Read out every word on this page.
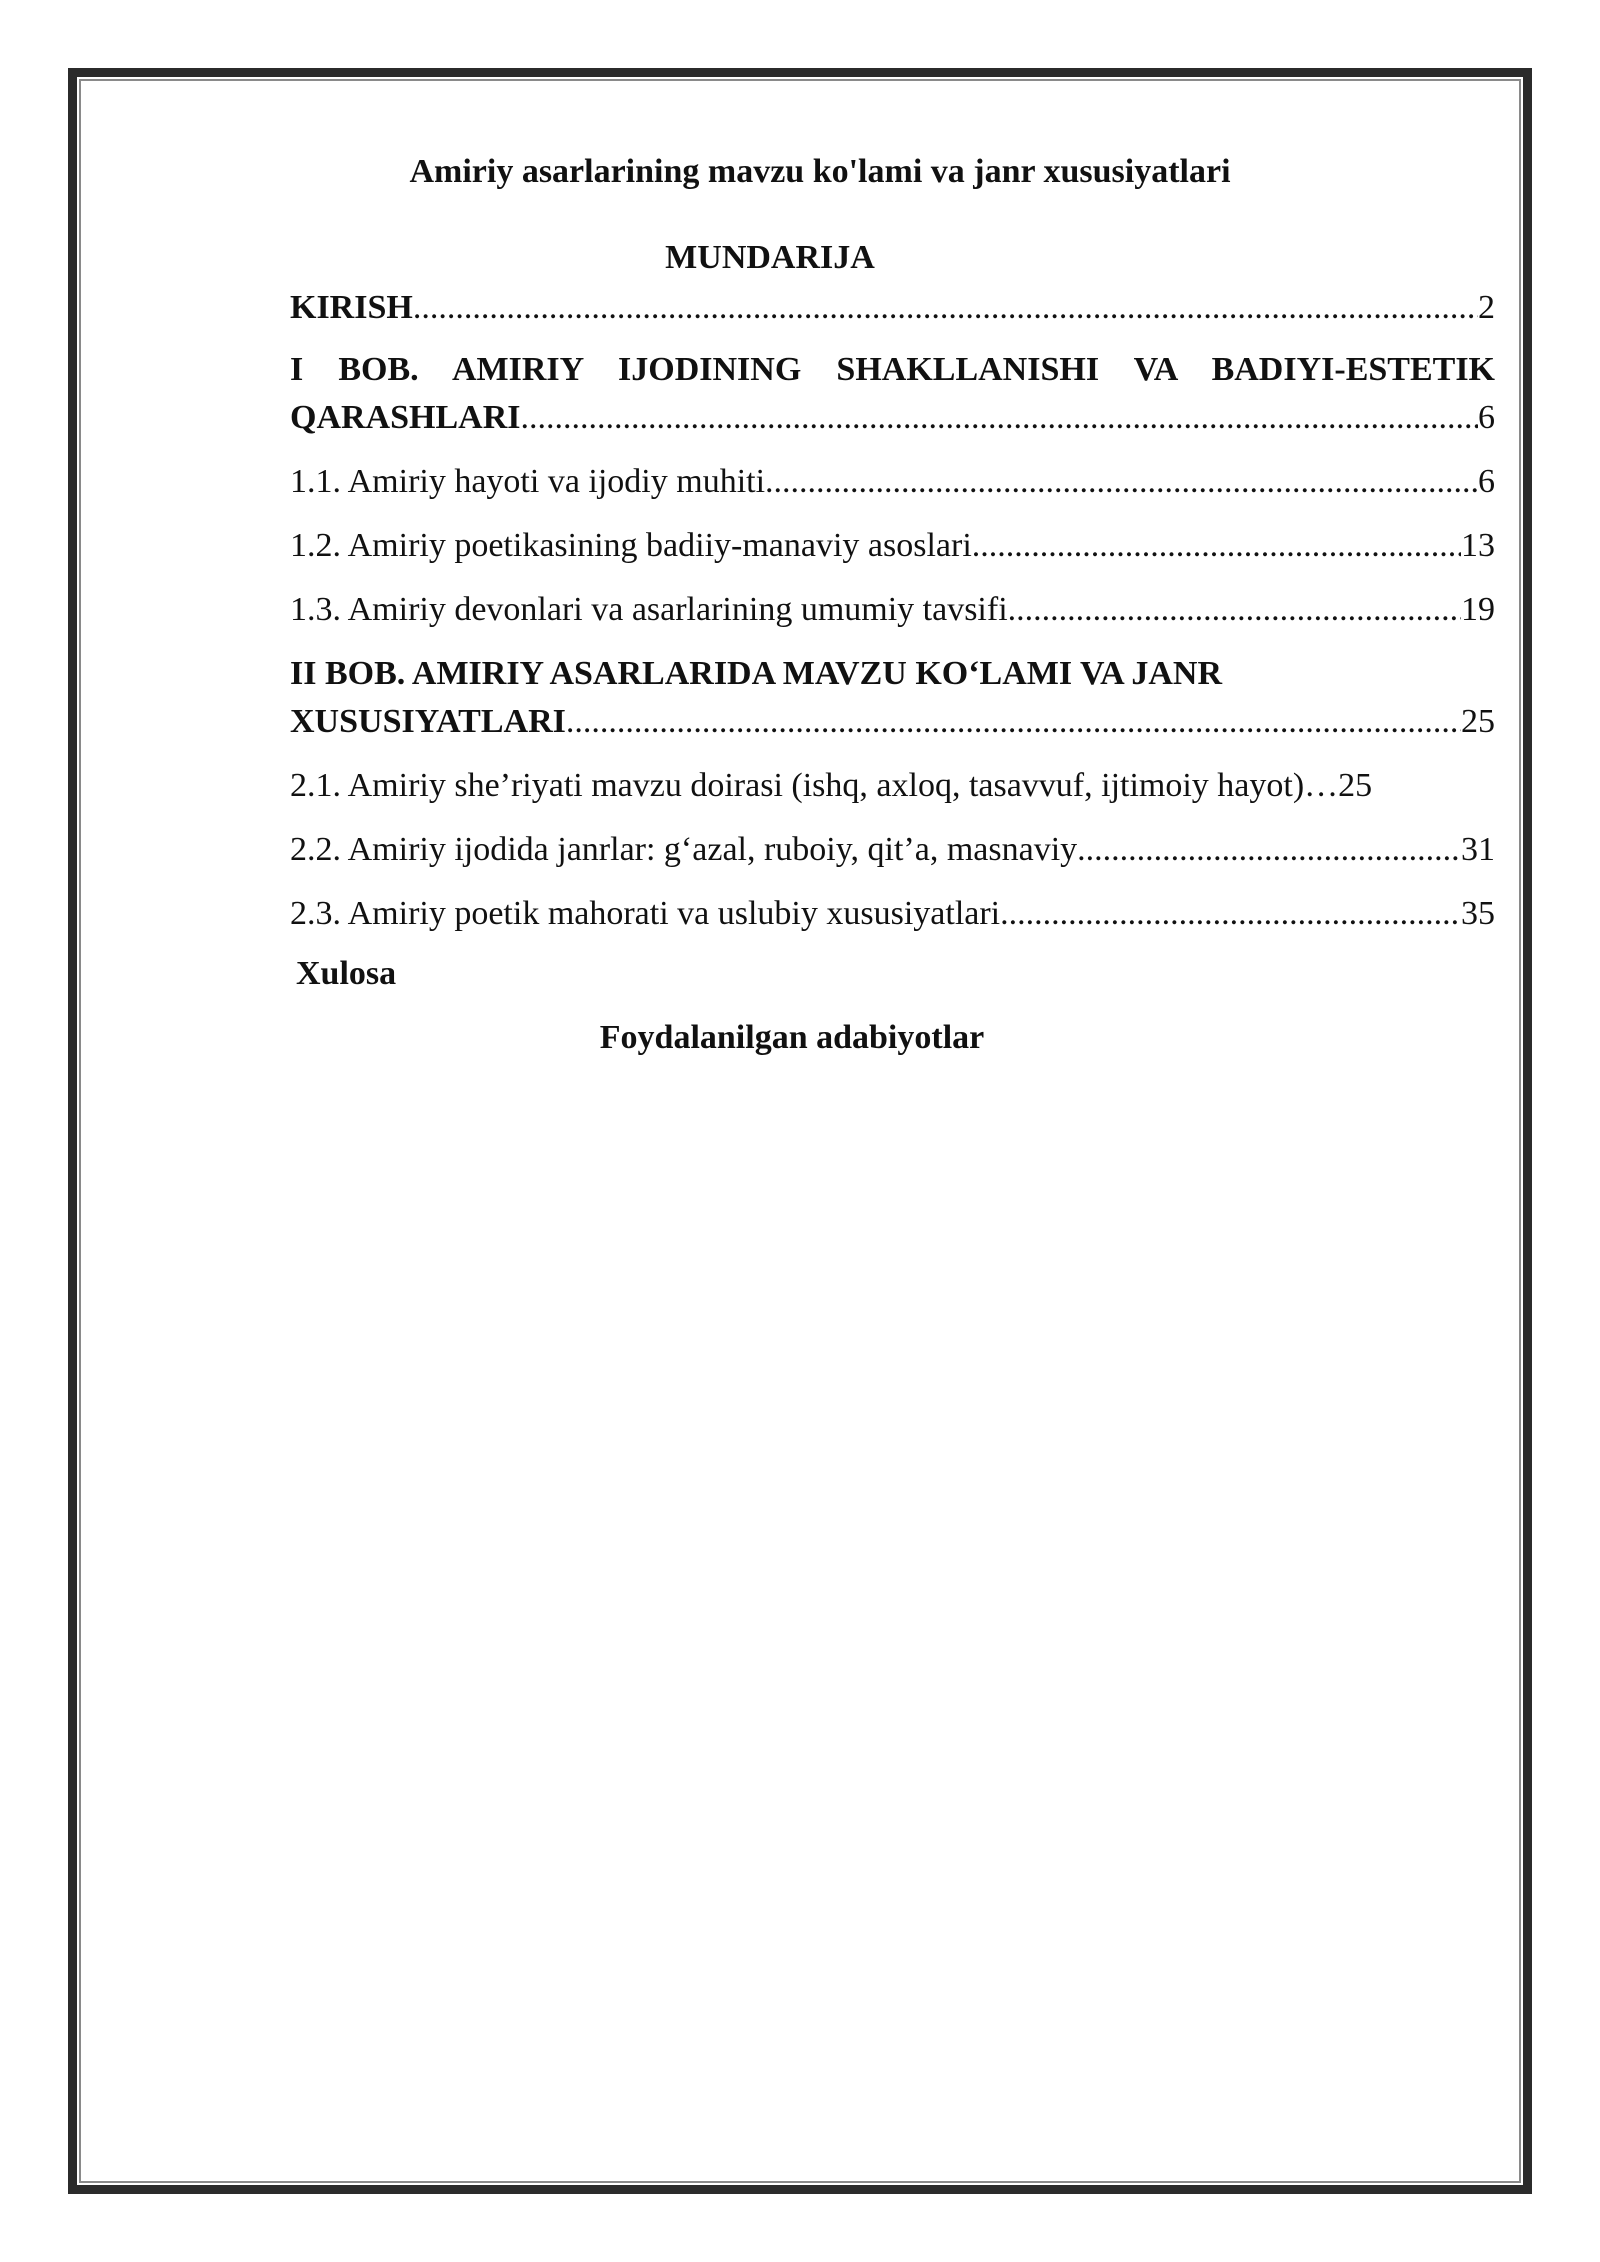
Amiriy asarlarining mavzu ko'lami va janr xususiyatlari
MUNDARIJA
KIRISH .....	2
I BOB. AMIRIY IJODINING SHAKLLANISHI VA BADIYI-ESTETIK
QARASHLARI .....	6
1.1. Amiriy hayoti va ijodiy muhiti .....	6
1.2. Amiriy poetikasining badiiy-manaviy asoslari .....	13
1.3. Amiriy devonlari va asarlarining umumiy tavsifi .....	19
II BOB. AMIRIY ASARLARIDA MAVZU KO‘LAMI VA JANR
XUSUSIYATLARI .....	25
2.1. Amiriy she’riyati mavzu doirasi (ishq, axloq, tasavvuf, ijtimoiy hayot)… 25
2.2. Amiriy ijodida janrlar: g‘azal, ruboiy, qit’a, masnaviy .....	31
2.3. Amiriy poetik mahorati va uslubiy xususiyatlari .....	35
Xulosa
Foydalanilgan adabiyotlar
